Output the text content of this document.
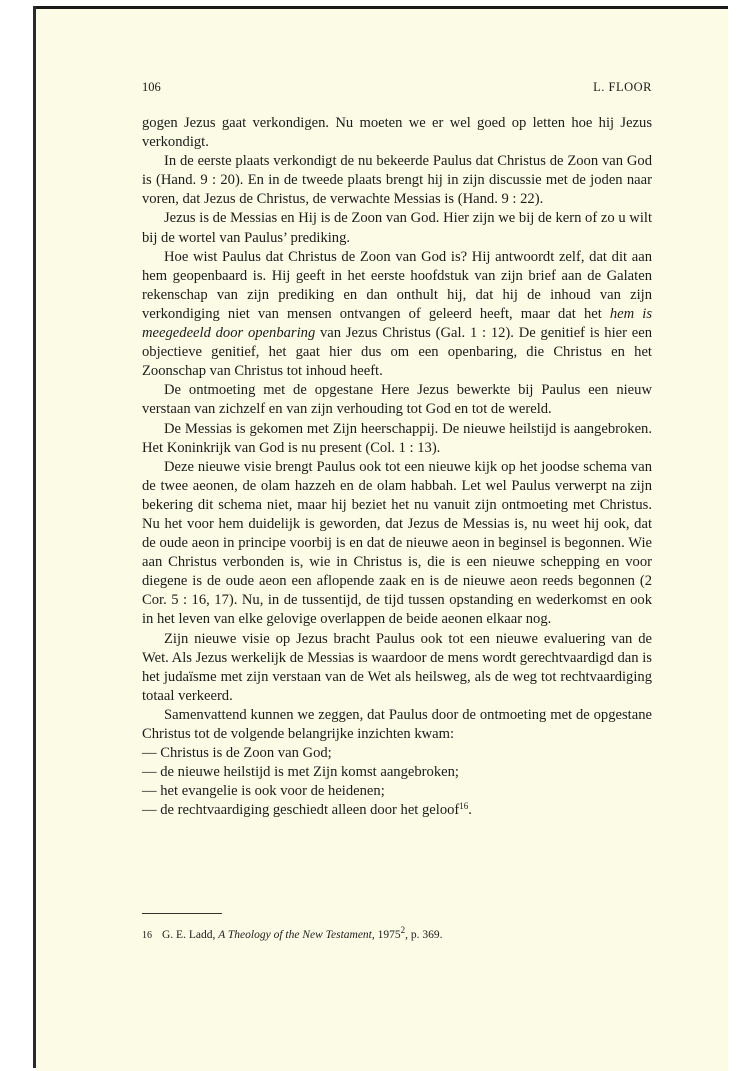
106	L. FLOOR

gogen Jezus gaat verkondigen. Nu moeten we er wel goed op letten hoe hij Jezus verkondigt.

In de eerste plaats verkondigt de nu bekeerde Paulus dat Christus de Zoon van God is (Hand. 9 : 20). En in de tweede plaats brengt hij in zijn discussie met de joden naar voren, dat Jezus de Christus, de verwachte Messias is (Hand. 9 : 22).

Jezus is de Messias en Hij is de Zoon van God. Hier zijn we bij de kern of zo u wilt bij de wortel van Paulus’ prediking.

Hoe wist Paulus dat Christus de Zoon van God is? Hij antwoordt zelf, dat dit aan hem geopenbaard is. Hij geeft in het eerste hoofdstuk van zijn brief aan de Galaten rekenschap van zijn prediking en dan onthult hij, dat hij de inhoud van zijn verkondiging niet van mensen ontvangen of geleerd heeft, maar dat het hem is meegedeeld door openbaring van Jezus Christus (Gal. 1 : 12). De genitief is hier een objectieve genitief, het gaat hier dus om een openbaring, die Christus en het Zoonschap van Christus tot inhoud heeft.

De ontmoeting met de opgestane Here Jezus bewerkte bij Paulus een nieuw verstaan van zichzelf en van zijn verhouding tot God en tot de wereld.

De Messias is gekomen met Zijn heerschappij. De nieuwe heilstijd is aangebroken. Het Koninkrijk van God is nu present (Col. 1 : 13).

Deze nieuwe visie brengt Paulus ook tot een nieuwe kijk op het joodse schema van de twee aeonen, de olam hazzeh en de olam habbah. Let wel Paulus verwerpt na zijn bekering dit schema niet, maar hij beziet het nu vanuit zijn ontmoeting met Christus. Nu het voor hem duidelijk is geworden, dat Jezus de Messias is, nu weet hij ook, dat de oude aeon in principe voorbij is en dat de nieuwe aeon in beginsel is begonnen. Wie aan Christus verbonden is, wie in Christus is, die is een nieuwe schepping en voor diegene is de oude aeon een aflopende zaak en is de nieuwe aeon reeds begonnen (2 Cor. 5 : 16, 17). Nu, in de tussentijd, de tijd tussen opstanding en wederkomst en ook in het leven van elke gelovige overlappen de beide aeonen elkaar nog.

Zijn nieuwe visie op Jezus bracht Paulus ook tot een nieuwe evaluering van de Wet. Als Jezus werkelijk de Messias is waardoor de mens wordt gerechtvaardigd dan is het judaïsme met zijn verstaan van de Wet als heilsweg, als de weg tot rechtvaardiging totaal verkeerd.

Samenvattend kunnen we zeggen, dat Paulus door de ontmoeting met de opgestane Christus tot de volgende belangrijke inzichten kwam:

— Christus is de Zoon van God;
— de nieuwe heilstijd is met Zijn komst aangebroken;
— het evangelie is ook voor de heidenen;
— de rechtvaardiging geschiedt alleen door het geloof$^{16}$.
16 G. E. Ladd, A Theology of the New Testament, 1975$^2$, p. 369.
